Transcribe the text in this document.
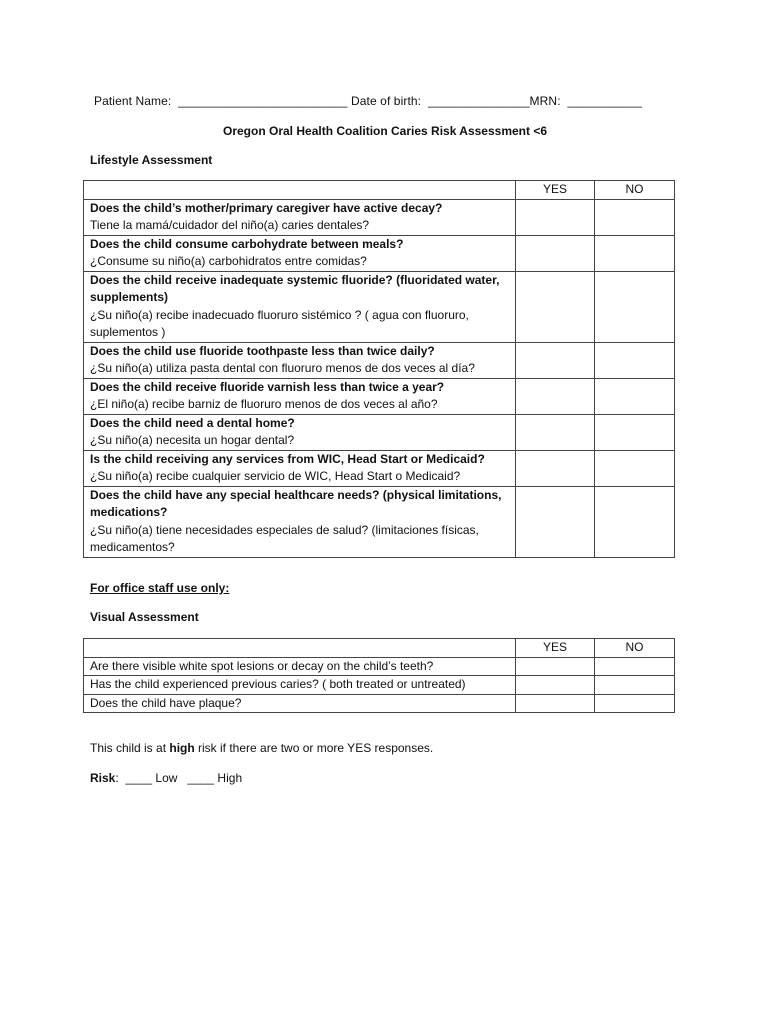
Patient Name:  _________________________ Date of birth:  _______________MRN:  ___________
Oregon Oral Health Coalition Caries Risk Assessment <6
Lifestyle Assessment
	YES	NO

Does the child’s mother/primary caregiver have active decay?
Tiene la mamá/cuidador del niño(a) caries dentales?		

Does the child consume carbohydrate between meals?
¿Consume su niño(a) carbohidratos entre comidas?		

Does the child receive inadequate systemic fluoride? (fluoridated water, supplements)
¿Su niño(a) recibe inadecuado fluoruro sistémico ? ( agua con fluoruro, suplementos )		

Does the child use fluoride toothpaste less than twice daily?
¿Su niño(a) utiliza pasta dental con fluoruro menos de dos veces al día?		

Does the child receive fluoride varnish less than twice a year?
¿El niño(a) recibe barniz de fluoruro menos de dos veces al año?		

Does the child need a dental home?
¿Su niño(a) necesita un hogar dental?		

Is the child receiving any services from WIC, Head Start or Medicaid?
¿Su niño(a) recibe cualquier servicio de WIC, Head Start o Medicaid?		

Does the child have any special healthcare needs? (physical limitations, medications?
¿Su niño(a) tiene necesidades especiales de salud? (limitaciones físicas, medicamentos?		

For office staff use only:
Visual Assessment
	YES	NO

Are there visible white spot lesions or decay on the child’s teeth?		

Has the child experienced previous caries? ( both treated or untreated)		

Does the child have plaque?		

This child is at high risk if there are two or more YES responses.
Risk:  ____ Low   ____ High
